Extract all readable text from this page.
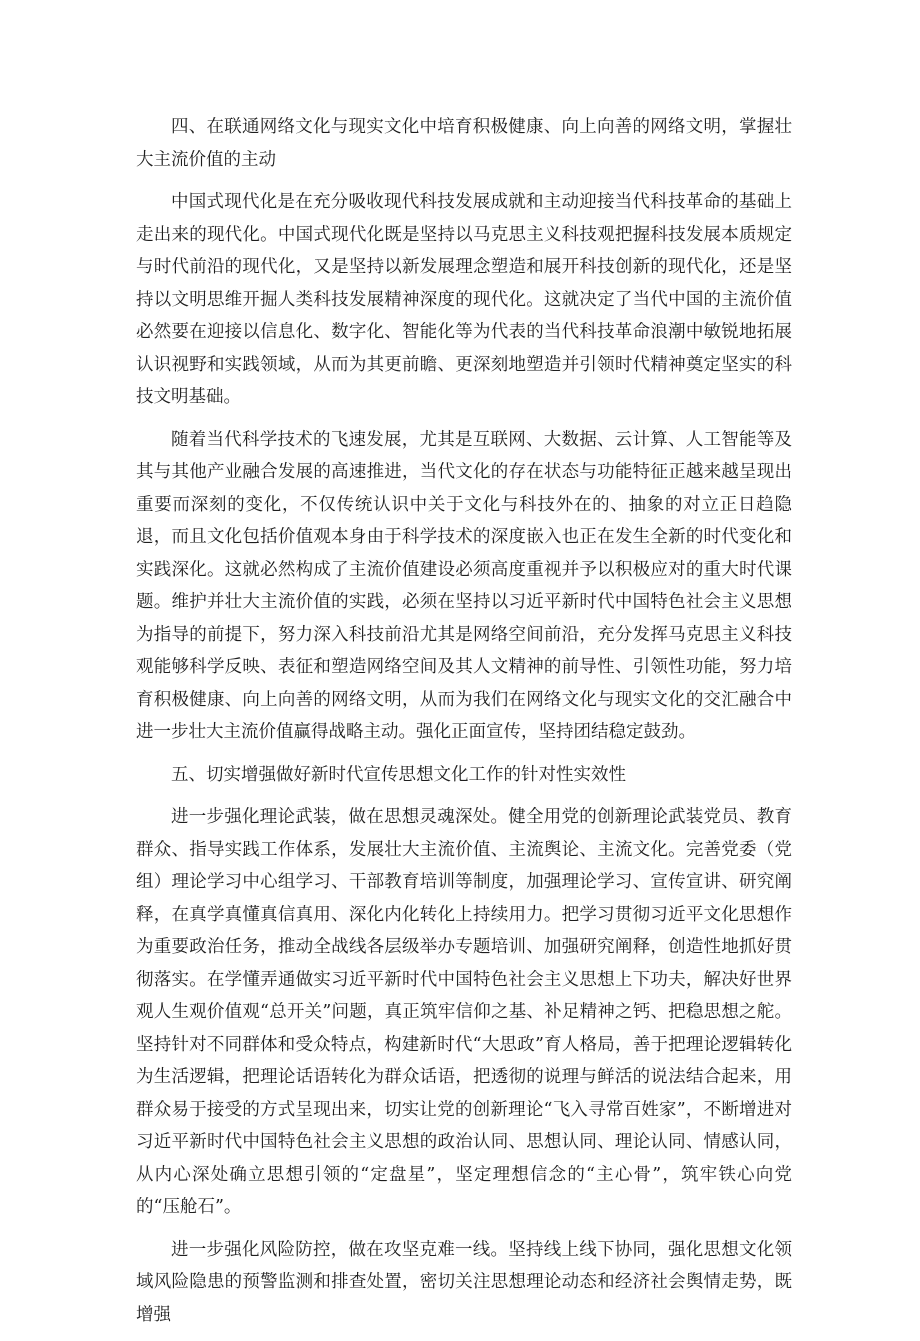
四、在联通网络文化与现实文化中培育积极健康、向上向善的网络文明，掌握壮大主流价值的主动

中国式现代化是在充分吸收现代科技发展成就和主动迎接当代科技革命的基础上走出来的现代化。中国式现代化既是坚持以马克思主义科技观把握科技发展本质规定与时代前沿的现代化，又是坚持以新发展理念塑造和展开科技创新的现代化，还是坚持以文明思维开掘人类科技发展精神深度的现代化。这就决定了当代中国的主流价值必然要在迎接以信息化、数字化、智能化等为代表的当代科技革命浪潮中敏锐地拓展认识视野和实践领域，从而为其更前瞻、更深刻地塑造并引领时代精神奠定坚实的科技文明基础。

随着当代科学技术的飞速发展，尤其是互联网、大数据、云计算、人工智能等及其与其他产业融合发展的高速推进，当代文化的存在状态与功能特征正越来越呈现出重要而深刻的变化，不仅传统认识中关于文化与科技外在的、抽象的对立正日趋隐退，而且文化包括价值观本身由于科学技术的深度嵌入也正在发生全新的时代变化和实践深化。这就必然构成了主流价值建设必须高度重视并予以积极应对的重大时代课题。维护并壮大主流价值的实践，必须在坚持以习近平新时代中国特色社会主义思想为指导的前提下，努力深入科技前沿尤其是网络空间前沿，充分发挥马克思主义科技观能够科学反映、表征和塑造网络空间及其人文精神的前导性、引领性功能，努力培育积极健康、向上向善的网络文明，从而为我们在网络文化与现实文化的交汇融合中进一步壮大主流价值赢得战略主动。强化正面宣传，坚持团结稳定鼓劲。

五、切实增强做好新时代宣传思想文化工作的针对性实效性

进一步强化理论武装，做在思想灵魂深处。健全用党的创新理论武装党员、教育群众、指导实践工作体系，发展壮大主流价值、主流舆论、主流文化。完善党委（党组）理论学习中心组学习、干部教育培训等制度，加强理论学习、宣传宣讲、研究阐释，在真学真懂真信真用、深化内化转化上持续用力。把学习贯彻习近平文化思想作为重要政治任务，推动全战线各层级举办专题培训、加强研究阐释，创造性地抓好贯彻落实。在学懂弄通做实习近平新时代中国特色社会主义思想上下功夫，解决好世界观人生观价值观“总开关”问题，真正筑牢信仰之基、补足精神之钙、把稳思想之舵。坚持针对不同群体和受众特点，构建新时代“大思政”育人格局，善于把理论逻辑转化为生活逻辑，把理论话语转化为群众话语，把透彻的说理与鲜活的说法结合起来，用群众易于接受的方式呈现出来，切实让党的创新理论“飞入寻常百姓家”，不断增进对习近平新时代中国特色社会主义思想的政治认同、思想认同、理论认同、情感认同，从内心深处确立思想引领的“定盘星”，坚定理想信念的“主心骨”，筑牢铁心向党的“压舱石”。

进一步强化风险防控，做在攻坚克难一线。坚持线上线下协同，强化思想文化领域风险隐患的预警监测和排查处置，密切关注思想理论动态和经济社会舆情走势，既增强
